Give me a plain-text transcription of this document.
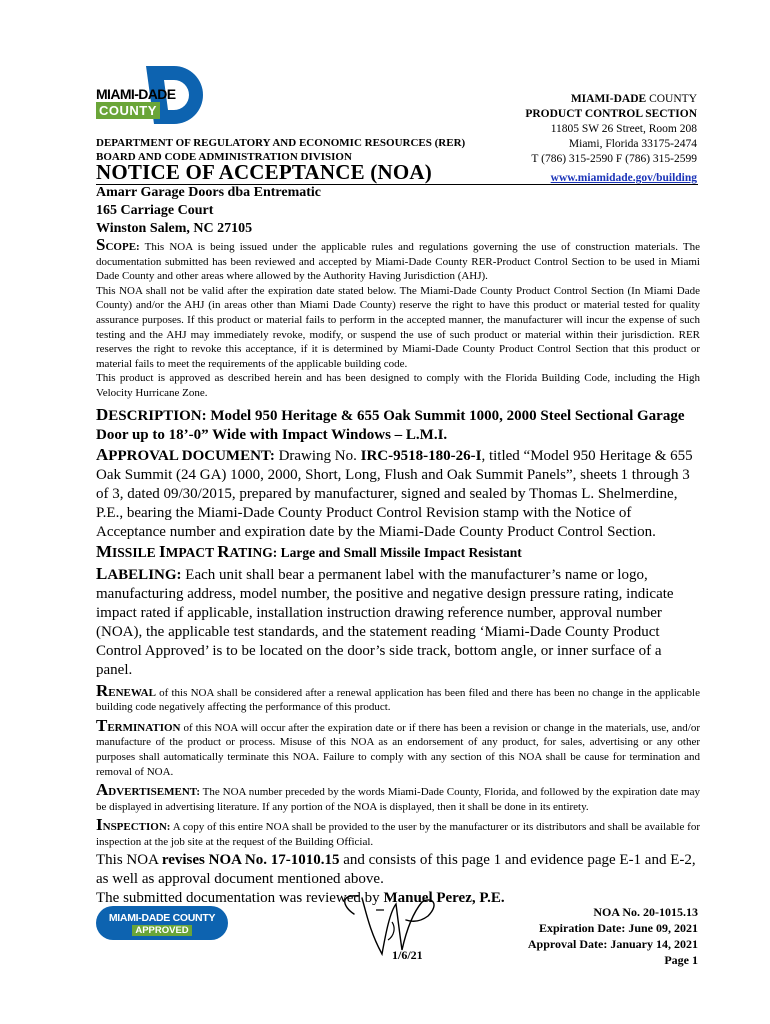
MIAMI-DADE
COUNTY
MIAMI-DADE COUNTY
PRODUCT CONTROL SECTION
11805 SW 26 Street, Room 208
Miami, Florida 33175-2474
T (786) 315-2590 F (786) 315-2599
www.miamidade.gov/building
DEPARTMENT OF REGULATORY AND ECONOMIC RESOURCES (RER)
BOARD AND CODE ADMINISTRATION DIVISION
NOTICE OF ACCEPTANCE (NOA)
Amarr Garage Doors dba Entrematic
165 Carriage Court
Winston Salem, NC 27105

SCOPE: This NOA is being issued under the applicable rules and regulations governing the use of construction materials. The documentation submitted has been reviewed and accepted by Miami-Dade County RER-Product Control Section to be used in Miami Dade County and other areas where allowed by the Authority Having Jurisdiction (AHJ).

This NOA shall not be valid after the expiration date stated below. The Miami-Dade County Product Control Section (In Miami Dade County) and/or the AHJ (in areas other than Miami Dade County) reserve the right to have this product or material tested for quality assurance purposes. If this product or material fails to perform in the accepted manner, the manufacturer will incur the expense of such testing and the AHJ may immediately revoke, modify, or suspend the use of such product or material within their jurisdiction. RER reserves the right to revoke this acceptance, if it is determined by Miami-Dade County Product Control Section that this product or material fails to meet the requirements of the applicable building code.

This product is approved as described herein and has been designed to comply with the Florida Building Code, including the High Velocity Hurricane Zone.

DESCRIPTION: Model 950 Heritage & 655 Oak Summit 1000, 2000 Steel Sectional Garage Door up to 18’-0” Wide with Impact Windows – L.M.I.

APPROVAL DOCUMENT: Drawing No. IRC-9518-180-26-I, titled “Model 950 Heritage & 655 Oak Summit (24 GA) 1000, 2000, Short, Long, Flush and Oak Summit Panels”, sheets 1 through 3 of 3, dated 09/30/2015, prepared by manufacturer, signed and sealed by Thomas L. Shelmerdine, P.E., bearing the Miami-Dade County Product Control Revision stamp with the Notice of Acceptance number and expiration date by the Miami-Dade County Product Control Section.

MISSILE IMPACT RATING: Large and Small Missile Impact Resistant

LABELING: Each unit shall bear a permanent label with the manufacturer’s name or logo, manufacturing address, model number, the positive and negative design pressure rating, indicate impact rated if applicable, installation instruction drawing reference number, approval number (NOA), the applicable test standards, and the statement reading ‘Miami-Dade County Product Control Approved’ is to be located on the door’s side track, bottom angle, or inner surface of a panel.

RENEWAL of this NOA shall be considered after a renewal application has been filed and there has been no change in the applicable building code negatively affecting the performance of this product.

TERMINATION of this NOA will occur after the expiration date or if there has been a revision or change in the materials, use, and/or manufacture of the product or process. Misuse of this NOA as an endorsement of any product, for sales, advertising or any other purposes shall automatically terminate this NOA. Failure to comply with any section of this NOA shall be cause for termination and removal of NOA.

ADVERTISEMENT: The NOA number preceded by the words Miami-Dade County, Florida, and followed by the expiration date may be displayed in advertising literature. If any portion of the NOA is displayed, then it shall be done in its entirety.

INSPECTION: A copy of this entire NOA shall be provided to the user by the manufacturer or its distributors and shall be available for inspection at the job site at the request of the Building Official.

This NOA revises NOA No. 17-1010.15 and consists of this page 1 and evidence page E-1 and E-2, as well as approval document mentioned above.

The submitted documentation was reviewed by Manuel Perez, P.E.

MIAMI-DADE COUNTY
APPROVED
1/6/21
NOA No. 20-1015.13
Expiration Date: June 09, 2021
Approval Date: January 14, 2021
Page 1
